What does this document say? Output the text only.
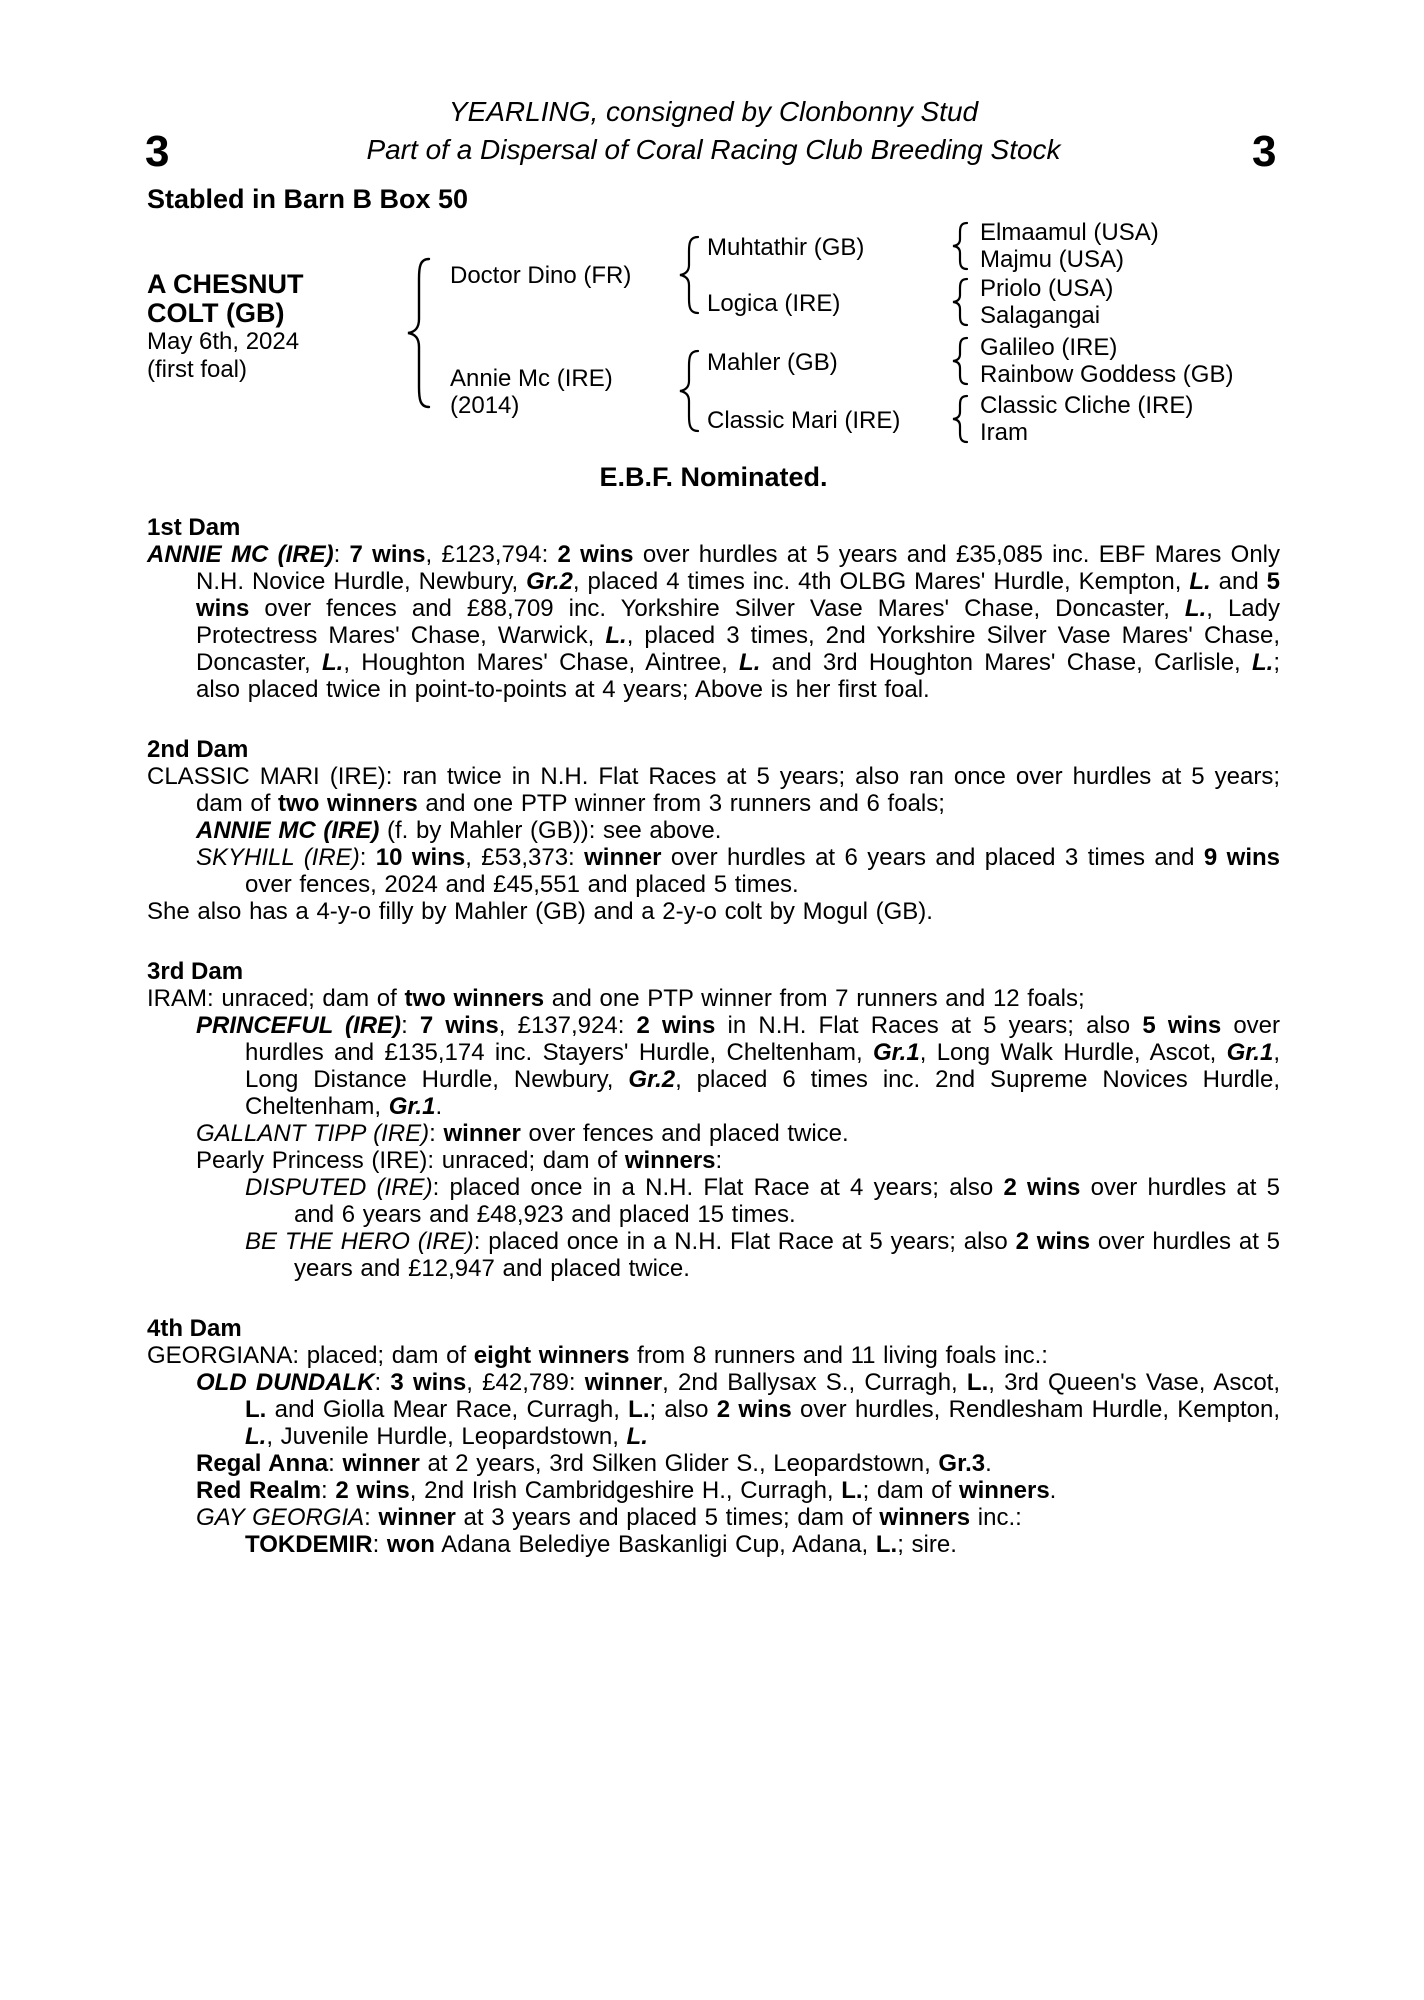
YEARLING, consigned by Clonbonny Stud
Part of a Dispersal of Coral Racing Club Breeding Stock
3	3
Stabled in Barn B Box 50
A CHESNUT
COLT (GB)
May 6th, 2024
(first foal)
Doctor Dino (FR)
Annie Mc (IRE)
(2014)
Muhtathir (GB)
Logica (IRE)
Mahler (GB)
Classic Mari (IRE)
Elmaamul (USA)
Majmu (USA)
Priolo (USA)
Salagangai
Galileo (IRE)
Rainbow Goddess (GB)
Classic Cliche (IRE)
Iram
E.B.F. Nominated.
1st Dam

ANNIE MC (IRE): 7 wins, £123,794: 2 wins over hurdles at 5 years and £35,085 inc. EBF Mares Only N.H. Novice Hurdle, Newbury, Gr.2, placed 4 times inc. 4th OLBG Mares' Hurdle, Kempton, L. and 5 wins over fences and £88,709 inc. Yorkshire Silver Vase Mares' Chase, Doncaster, L., Lady Protectress Mares' Chase, Warwick, L., placed 3 times, 2nd Yorkshire Silver Vase Mares' Chase, Doncaster, L., Houghton Mares' Chase, Aintree, L. and 3rd Houghton Mares' Chase, Carlisle, L.; also placed twice in point-to-points at 4 years; Above is her first foal.

2nd Dam

CLASSIC MARI (IRE): ran twice in N.H. Flat Races at 5 years; also ran once over hurdles at 5 years; dam of two winners and one PTP winner from 3 runners and 6 foals;

ANNIE MC (IRE) (f. by Mahler (GB)): see above.

SKYHILL (IRE): 10 wins, £53,373: winner over hurdles at 6 years and placed 3 times and 9 wins over fences, 2024 and £45,551 and placed 5 times.

She also has a 4-y-o filly by Mahler (GB) and a 2-y-o colt by Mogul (GB).

3rd Dam

IRAM: unraced; dam of two winners and one PTP winner from 7 runners and 12 foals;

PRINCEFUL (IRE): 7 wins, £137,924: 2 wins in N.H. Flat Races at 5 years; also 5 wins over hurdles and £135,174 inc. Stayers' Hurdle, Cheltenham, Gr.1, Long Walk Hurdle, Ascot, Gr.1, Long Distance Hurdle, Newbury, Gr.2, placed 6 times inc. 2nd Supreme Novices Hurdle, Cheltenham, Gr.1.

GALLANT TIPP (IRE): winner over fences and placed twice.

Pearly Princess (IRE): unraced; dam of winners:

DISPUTED (IRE): placed once in a N.H. Flat Race at 4 years; also 2 wins over hurdles at 5 and 6 years and £48,923 and placed 15 times.

BE THE HERO (IRE): placed once in a N.H. Flat Race at 5 years; also 2 wins over hurdles at 5 years and £12,947 and placed twice.

4th Dam

GEORGIANA: placed; dam of eight winners from 8 runners and 11 living foals inc.:

OLD DUNDALK: 3 wins, £42,789: winner, 2nd Ballysax S., Curragh, L., 3rd Queen's Vase, Ascot, L. and Giolla Mear Race, Curragh, L.; also 2 wins over hurdles, Rendlesham Hurdle, Kempton, L., Juvenile Hurdle, Leopardstown, L.

Regal Anna: winner at 2 years, 3rd Silken Glider S., Leopardstown, Gr.3.

Red Realm: 2 wins, 2nd Irish Cambridgeshire H., Curragh, L.; dam of winners.

GAY GEORGIA: winner at 3 years and placed 5 times; dam of winners inc.:

TOKDEMIR: won Adana Belediye Baskanligi Cup, Adana, L.; sire.
